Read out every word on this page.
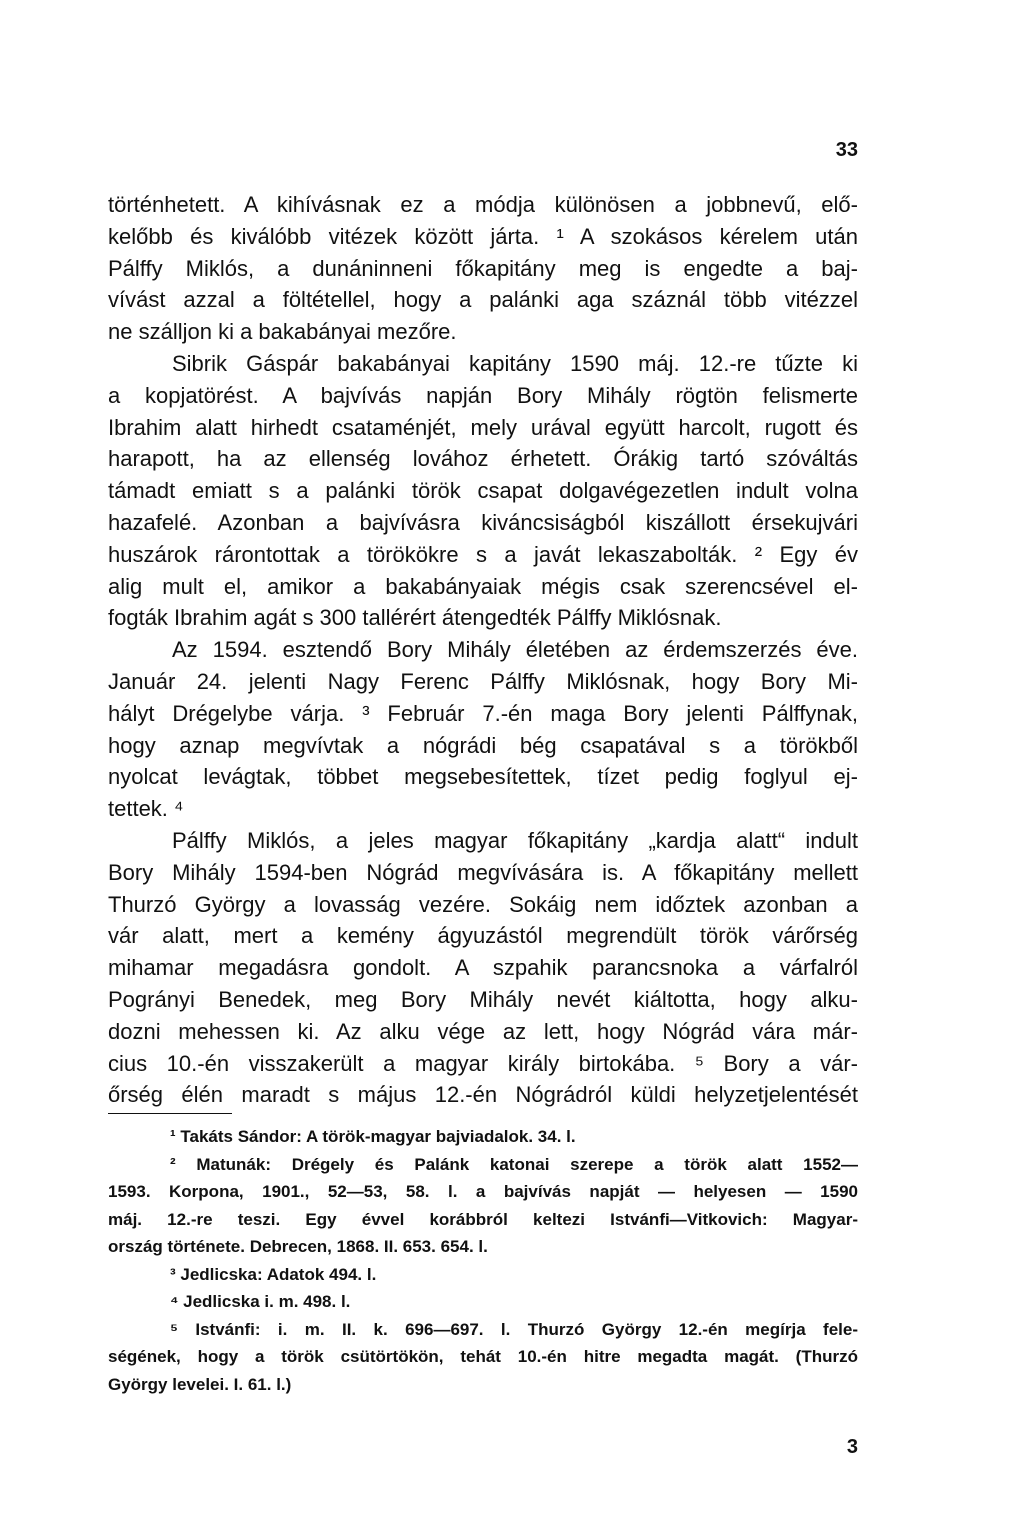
33
történhetett. A kihívásnak ez a módja különösen a jobbnevű, elő-
kelőbb és kiválóbb vitézek között járta. ¹ A szokásos kérelem után
Pálffy Miklós, a dunáninneni főkapitány meg is engedte a baj-
vívást azzal a föltétellel, hogy a palánki aga száznál több vitézzel
ne szálljon ki a bakabányai mezőre.
Sibrik Gáspár bakabányai kapitány 1590 máj. 12.-re tűzte ki
a kopjatörést. A bajvívás napján Bory Mihály rögtön felismerte
Ibrahim alatt hirhedt csataménjét, mely urával együtt harcolt, rugott és
harapott, ha az ellenség lovához érhetett. Órákig tartó szóváltás
támadt emiatt s a palánki török csapat dolgavégezetlen indult volna
hazafelé. Azonban a bajvívásra kiváncsiságból kiszállott érsekujvári
huszárok rárontottak a törökökre s a javát lekaszabolták. ² Egy év
alig mult el, amikor a bakabányaiak mégis csak szerencsével el-
fogták Ibrahim agát s 300 tallérért átengedték Pálffy Miklósnak.
Az 1594. esztendő Bory Mihály életében az érdemszerzés éve.
Január 24. jelenti Nagy Ferenc Pálffy Miklósnak, hogy Bory Mi-
hályt Drégelybe várja. ³ Február 7.-én maga Bory jelenti Pálffynak,
hogy aznap megvívtak a nógrádi bég csapatával s a törökből
nyolcat levágtak, többet megsebesítettek, tízet pedig foglyul ej-
tettek. ⁴
Pálffy Miklós, a jeles magyar főkapitány „kardja alatt“ indult
Bory Mihály 1594-ben Nógrád megvívására is. A főkapitány mellett
Thurzó György a lovasság vezére. Sokáig nem időztek azonban a
vár alatt, mert a kemény ágyuzástól megrendült török várőrség
mihamar megadásra gondolt. A szpahik parancsnoka a várfalról
Pogrányi Benedek, meg Bory Mihály nevét kiáltotta, hogy alku-
dozni mehessen ki. Az alku vége az lett, hogy Nógrád vára már-
cius 10.-én visszakerült a magyar király birtokába. ⁵ Bory a vár-
őrség élén maradt s május 12.-én Nógrádról küldi helyzetjelentését
¹ Takáts Sándor: A török-magyar bajviadalok. 34. l.
² Matunák: Drégely és Palánk katonai szerepe a török alatt 1552—
1593. Korpona, 1901., 52—53, 58. l. a bajvívás napját — helyesen — 1590
máj. 12.-re teszi. Egy évvel korábbról keltezi Istvánfi—Vitkovich: Magyar-
ország története. Debrecen, 1868. II. 653. 654. l.
³ Jedlicska: Adatok 494. l.
⁴ Jedlicska i. m. 498. l.
⁵ Istvánfi: i. m. II. k. 696—697. l. Thurzó György 12.-én megírja fele-
ségének, hogy a török csütörtökön, tehát 10.-én hitre megadta magát. (Thurzó
György levelei. I. 61. l.)
3
